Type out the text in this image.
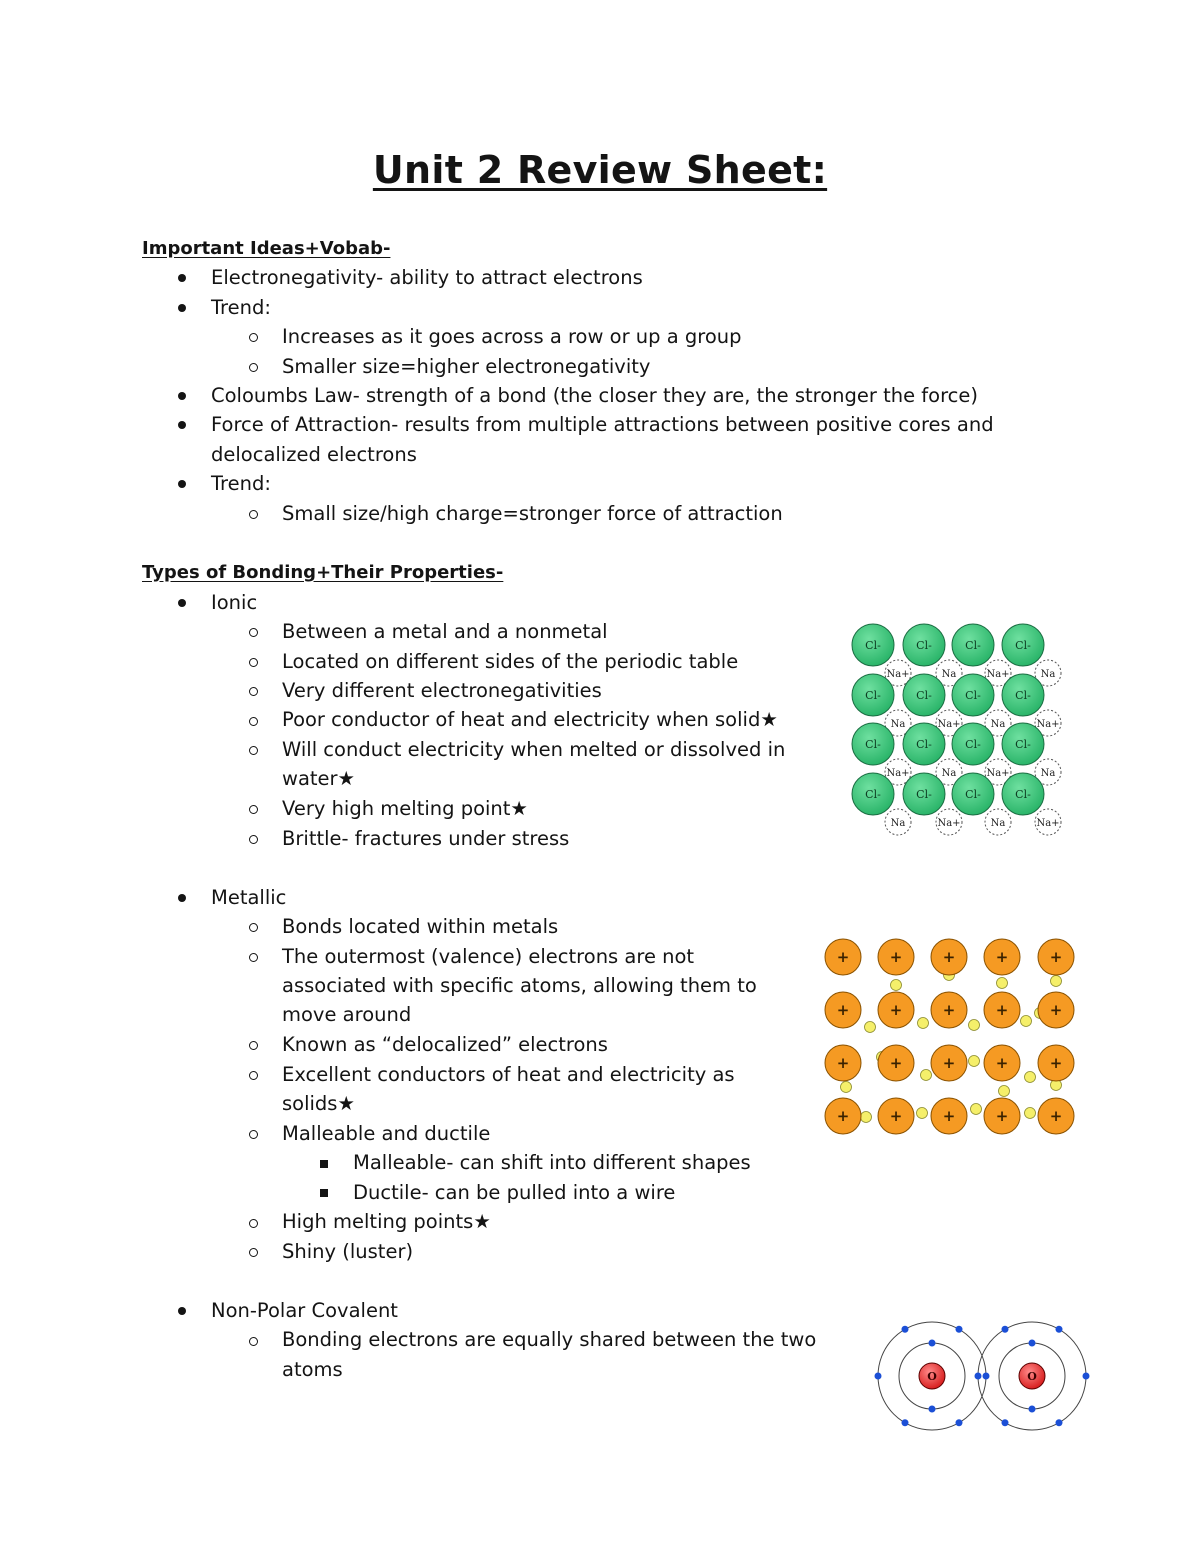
Unit 2 Review Sheet:
Important Ideas+Vobab-
Electronegativity- ability to attract electrons
Trend:
Increases as it goes across a row or up a group
Smaller size=higher electronegativity
Coloumbs Law- strength of a bond (the closer they are, the stronger the force)
Force of Attraction- results from multiple attractions between positive cores and
delocalized electrons
Trend:
Small size/high charge=stronger force of attraction
Types of Bonding+Their Properties-
Ionic
Between a metal and a nonmetal
Located on different sides of the periodic table
Very different electronegativities
Poor conductor of heat and electricity when solid★
Will conduct electricity when melted or dissolved in
water★
Very high melting point★
Brittle- fractures under stress
Metallic
Bonds located within metals
The outermost (valence) electrons are not
associated with specific atoms, allowing them to
move around
Known as “delocalized” electrons
Excellent conductors of heat and electricity as
solids★
Malleable and ductile
Malleable- can shift into different shapes
Ductile- can be pulled into a wire
High melting points★
Shiny (luster)
Non-Polar Covalent
Bonding electrons are equally shared between the two
atoms
Na+	Na	Na+	Na
Na	Na+	Na	Na+
Na+	Na	Na+	Na
Na	Na+	Na	Na+
Cl-	Cl-	Cl-	Cl-
Cl-	Cl-	Cl-	Cl-
Cl-	Cl-	Cl-	Cl-
Cl-	Cl-	Cl-	Cl-
+	+	+	+	+
+	+	+	+	+
+	+	+	+	+
+	+	+	+	+
O	O
